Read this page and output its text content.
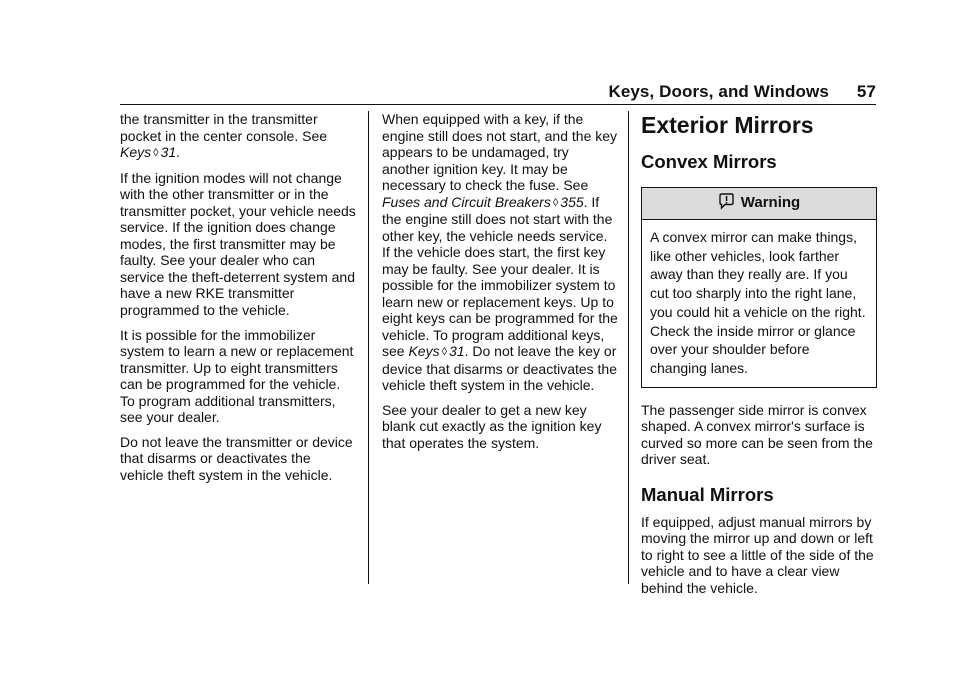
Keys, Doors, and Windows 57

the transmitter in the transmitter pocket in the center console. See Keys ◊ 31.

If the ignition modes will not change with the other transmitter or in the transmitter pocket, your vehicle needs service. If the ignition does change modes, the first transmitter may be faulty. See your dealer who can service the theft-deterrent system and have a new RKE transmitter programmed to the vehicle.

It is possible for the immobilizer system to learn a new or replacement transmitter. Up to eight transmitters can be programmed for the vehicle. To program additional transmitters, see your dealer.

Do not leave the transmitter or device that disarms or deactivates the vehicle theft system in the vehicle.

When equipped with a key, if the engine still does not start, and the key appears to be undamaged, try another ignition key. It may be necessary to check the fuse. See Fuses and Circuit Breakers ◊ 355. If the engine still does not start with the other key, the vehicle needs service. If the vehicle does start, the first key may be faulty. See your dealer. It is possible for the immobilizer system to learn new or replacement keys. Up to eight keys can be programmed for the vehicle. To program additional keys, see Keys ◊ 31. Do not leave the key or device that disarms or deactivates the vehicle theft system in the vehicle.

See your dealer to get a new key blank cut exactly as the ignition key that operates the system.

Exterior Mirrors
Convex Mirrors
Warning
A convex mirror can make things, like other vehicles, look farther away than they really are. If you cut too sharply into the right lane, you could hit a vehicle on the right. Check the inside mirror or glance over your shoulder before changing lanes.

The passenger side mirror is convex shaped. A convex mirror's surface is curved so more can be seen from the driver seat.

Manual Mirrors

If equipped, adjust manual mirrors by moving the mirror up and down or left to right to see a little of the side of the vehicle and to have a clear view behind the vehicle.
